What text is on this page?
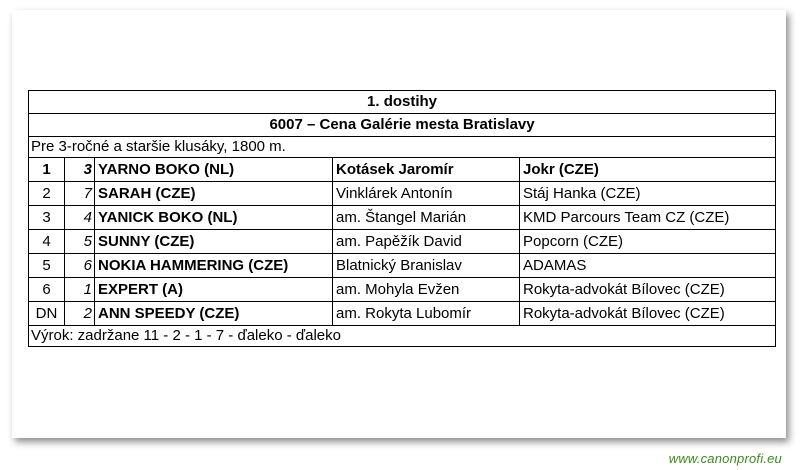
1. dostihy				
6007 – Cena Galérie mesta Bratislavy				
Pre 3-ročné a staršie klusáky, 1800 m.				
1	3	YARNO BOKO (NL)	Kotásek Jaromír	Jokr (CZE)
2	7	SARAH (CZE)	Vinklárek Antonín	Stáj Hanka (CZE)
3	4	YANICK BOKO (NL)	am. Štangel Marián	KMD Parcours Team CZ (CZE)
4	5	SUNNY (CZE)	am. Papěžík David	Popcorn (CZE)
5	6	NOKIA HAMMERING (CZE)	Blatnický Branislav	ADAMAS
6	1	EXPERT (A)	am. Mohyla Evžen	Rokyta-advokát Bílovec (CZE)
DN	2	ANN SPEEDY (CZE)	am. Rokyta Lubomír	Rokyta-advokát Bílovec (CZE)
Výrok: zadržane 11 - 2 - 1 - 7 - ďaleko - ďaleko				
www.canonprofi.eu
